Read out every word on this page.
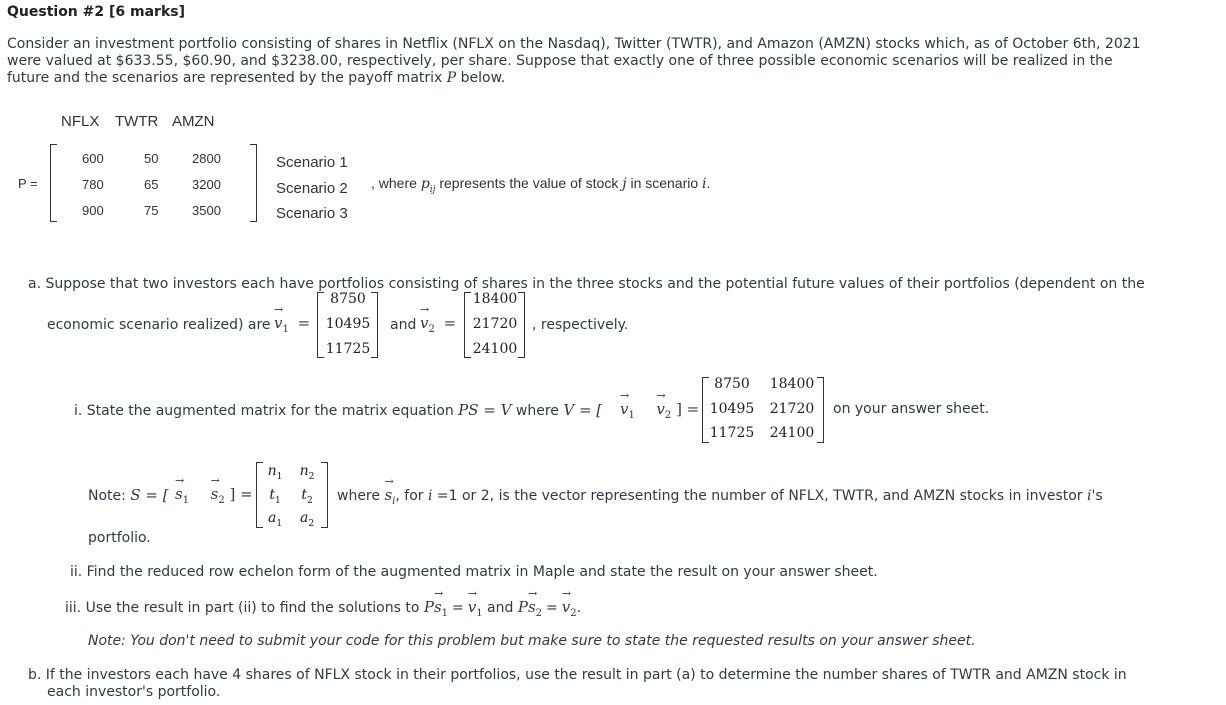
Question #2 [6 marks]
Consider an investment portfolio consisting of shares in Netflix (NFLX on the Nasdaq), Twitter (TWTR), and Amazon (AMZN) stocks which, as of October 6th, 2021
were valued at $633.55, $60.90, and $3238.00, respectively, per share. Suppose that exactly one of three possible economic scenarios will be realized in the
future and the scenarios are represented by the payoff matrix P below.
NFLX TWTR AMZN
P =
600	50	2800
780	65	3200
900	75	3500
Scenario 1
Scenario 2
Scenario 3
, where $p_{ij}$ represents the value of stock j in scenario i.
a. Suppose that two investors each have portfolios consisting of shares in the three stocks and the potential future values of their portfolios (dependent on the
economic scenario realized) are
→
$v_1$ =
8750
10495
11725
and
→
$v_2$ =
18400
21720
24100
, respectively.
i. State the augmented matrix for the matrix equation PS = V where V = [
→
$v_1$
→
$v_2$ ] =
8750	18400
10495	21720
11725	24100
on your answer sheet.
Note: S = [
→
$s_1$
→
$s_2$ ] =
$n_1$	$n_2$
$t_1$	$t_2$
$a_1$	$a_2$
where
→
$s_i$, for i =1 or 2, is the vector representing the number of NFLX, TWTR, and AMZN stocks in investor i's
portfolio.
ii. Find the reduced row echelon form of the augmented matrix in Maple and state the result on your answer sheet.
iii. Use the result in part (ii) to find the solutions to P
→
$s_1$ =
→
$v_1$ and P
→
$s_2$ =
→
$v_2$.
Note: You don't need to submit your code for this problem but make sure to state the requested results on your answer sheet.
b. If the investors each have 4 shares of NFLX stock in their portfolios, use the result in part (a) to determine the number shares of TWTR and AMZN stock in
each investor's portfolio.
